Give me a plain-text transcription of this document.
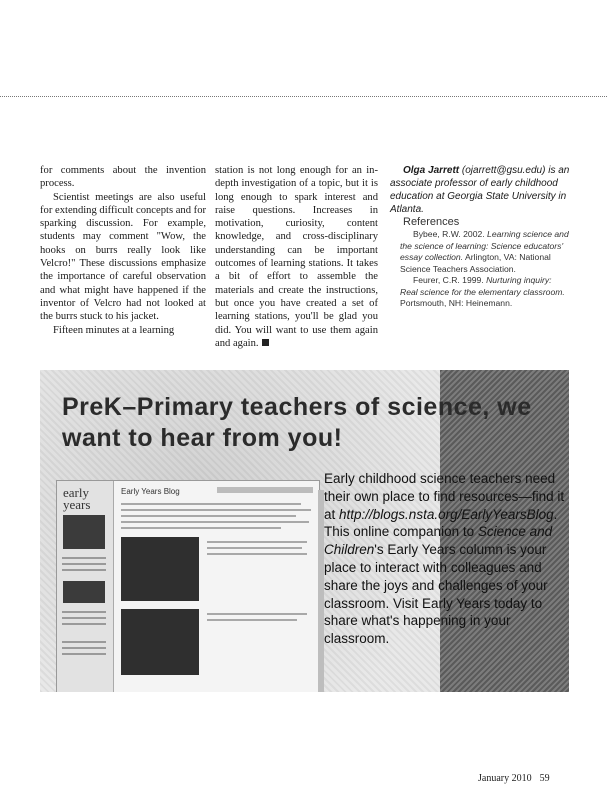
for comments about the invention process.

Scientist meetings are also useful for extending difficult concepts and for sparking discussion. For example, students may comment "Wow, the hooks on burrs really look like Velcro!" These discussions emphasize the importance of careful observation and what might have happened if the inventor of Velcro had not looked at the burrs stuck to his jacket.

Fifteen minutes at a learning

station is not long enough for an in-depth investigation of a topic, but it is long enough to spark interest and raise questions. Increases in motivation, curiosity, content knowledge, and cross-disciplinary understanding can be important outcomes of learning stations. It takes a bit of effort to assemble the materials and create the instructions, but once you have created a set of learning stations, you'll be glad you did. You will want to use them again and again.

Olga Jarrett (ojarrett@gsu.edu) is an associate professor of early childhood education at Georgia State University in Atlanta.

References

Bybee, R.W. 2002. Learning science and the science of learning: Science educators' essay collection. Arlington, VA: National Science Teachers Association.

Feurer, C.R. 1999. Nurturing inquiry: Real science for the elementary classroom. Portsmouth, NH: Heinemann.

PreK–Primary teachers of science, we want to hear from you!
early years
Early Years Blog
Early childhood science teachers need their own place to find resources—find it at http://blogs.nsta.org/EarlyYearsBlog. This online companion to Science and Children's Early Years column is your place to interact with colleagues and share the joys and challenges of your classroom. Visit Early Years today to share what's happening in your classroom.
January 2010 59
